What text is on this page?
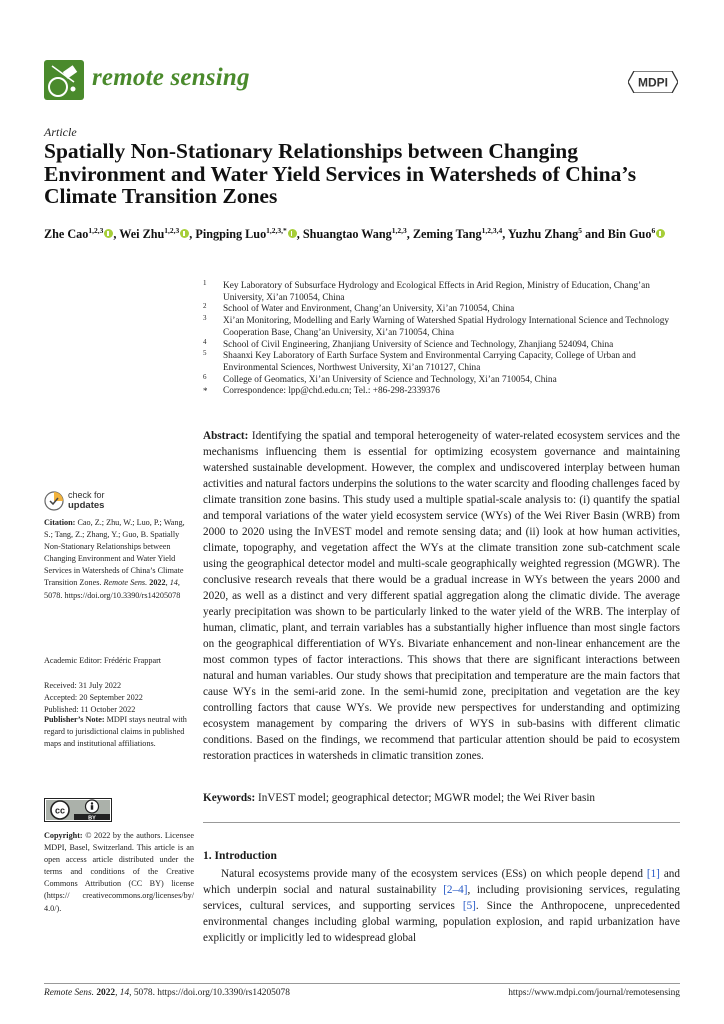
remote sensing	MDPI
Article
Spatially Non-Stationary Relationships between Changing Environment and Water Yield Services in Watersheds of China’s Climate Transition Zones

Zhe Cao$^{1,2,3}$ , Wei Zhu$^{1,2,3}$ , Pingping Luo$^{1,2,3,*}$ , Shuangtao Wang$^{1,2,3}$, Zeming Tang$^{1,2,3,4}$, Yuzhu Zhang$^5$ and Bin Guo$^6$

1 Key Laboratory of Subsurface Hydrology and Ecological Effects in Arid Region, Ministry of Education, Chang’an University, Xi’an 710054, China
2 School of Water and Environment, Chang’an University, Xi’an 710054, China
3 Xi’an Monitoring, Modelling and Early Warning of Watershed Spatial Hydrology International Science and Technology Cooperation Base, Chang’an University, Xi’an 710054, China
4 School of Civil Engineering, Zhanjiang University of Science and Technology, Zhanjiang 524094, China
5 Shaanxi Key Laboratory of Earth Surface System and Environmental Carrying Capacity, College of Urban and Environmental Sciences, Northwest University, Xi’an 710127, China
6 College of Geomatics, Xi’an University of Science and Technology, Xi’an 710054, China
* Correspondence: lpp@chd.edu.cn; Tel.: +86-298-2339376
check for
updates

Citation: Cao, Z.; Zhu, W.; Luo, P.; Wang, S.; Tang, Z.; Zhang, Y.; Guo, B. Spatially Non-Stationary Relationships between Changing Environment and Water Yield Services in Watersheds of China’s Climate Transition Zones. Remote Sens. 2022, 14, 5078. https://doi.org/10.3390/rs14205078

Academic Editor: Frédéric Frappart

Received: 31 July 2022
Accepted: 20 September 2022
Published: 11 October 2022

Publisher’s Note: MDPI stays neutral with regard to jurisdictional claims in published maps and institutional affiliations.

cc
BY

Copyright: © 2022 by the authors. Licensee MDPI, Basel, Switzerland. This article is an open access article distributed under the terms and conditions of the Creative Commons Attribution (CC BY) license (https:// creativecommons.org/licenses/by/ 4.0/).

Abstract: Identifying the spatial and temporal heterogeneity of water-related ecosystem services and the mechanisms influencing them is essential for optimizing ecosystem governance and maintaining watershed sustainable development. However, the complex and undiscovered interplay between human activities and natural factors underpins the solutions to the water scarcity and flooding challenges faced by climate transition zone basins. This study used a multiple spatial-scale analysis to: (i) quantify the spatial and temporal variations of the water yield ecosystem service (WYs) of the Wei River Basin (WRB) from 2000 to 2020 using the InVEST model and remote sensing data; and (ii) look at how human activities, climate, topography, and vegetation affect the WYs at the climate transition zone sub-catchment scale using the geographical detector model and multi-scale geographically weighted regression (MGWR). The conclusive research reveals that there would be a gradual increase in WYs between the years 2000 and 2020, as well as a distinct and very different spatial aggregation along the climatic divide. The average yearly precipitation was shown to be particularly linked to the water yield of the WRB. The interplay of human, climatic, plant, and terrain variables has a substantially higher influence than most single factors on the geographical differentiation of WYs. Bivariate enhancement and non-linear enhancement are the most common types of factor interactions. This shows that there are significant interactions between natural and human variables. Our study shows that precipitation and temperature are the main factors that cause WYs in the semi-arid zone. In the semi-humid zone, precipitation and vegetation are the key controlling factors that cause WYs. We provide new perspectives for understanding and optimizing ecosystem management by comparing the drivers of WYS in sub-basins with different climatic conditions. Based on the findings, we recommend that particular attention should be paid to ecosystem restoration practices in watersheds in climatic transition zones.

Keywords: InVEST model; geographical detector; MGWR model; the Wei River basin

1. Introduction

Natural ecosystems provide many of the ecosystem services (ESs) on which people depend [1] and which underpin social and natural sustainability [2–4], including provisioning services, regulating services, cultural services, and supporting services [5]. Since the Anthropocene, unprecedented environmental changes including global warming, population explosion, and rapid urbanization have explicitly or implicitly led to widespread global

Remote Sens. 2022, 14, 5078. https://doi.org/10.3390/rs14205078	https://www.mdpi.com/journal/remotesensing
